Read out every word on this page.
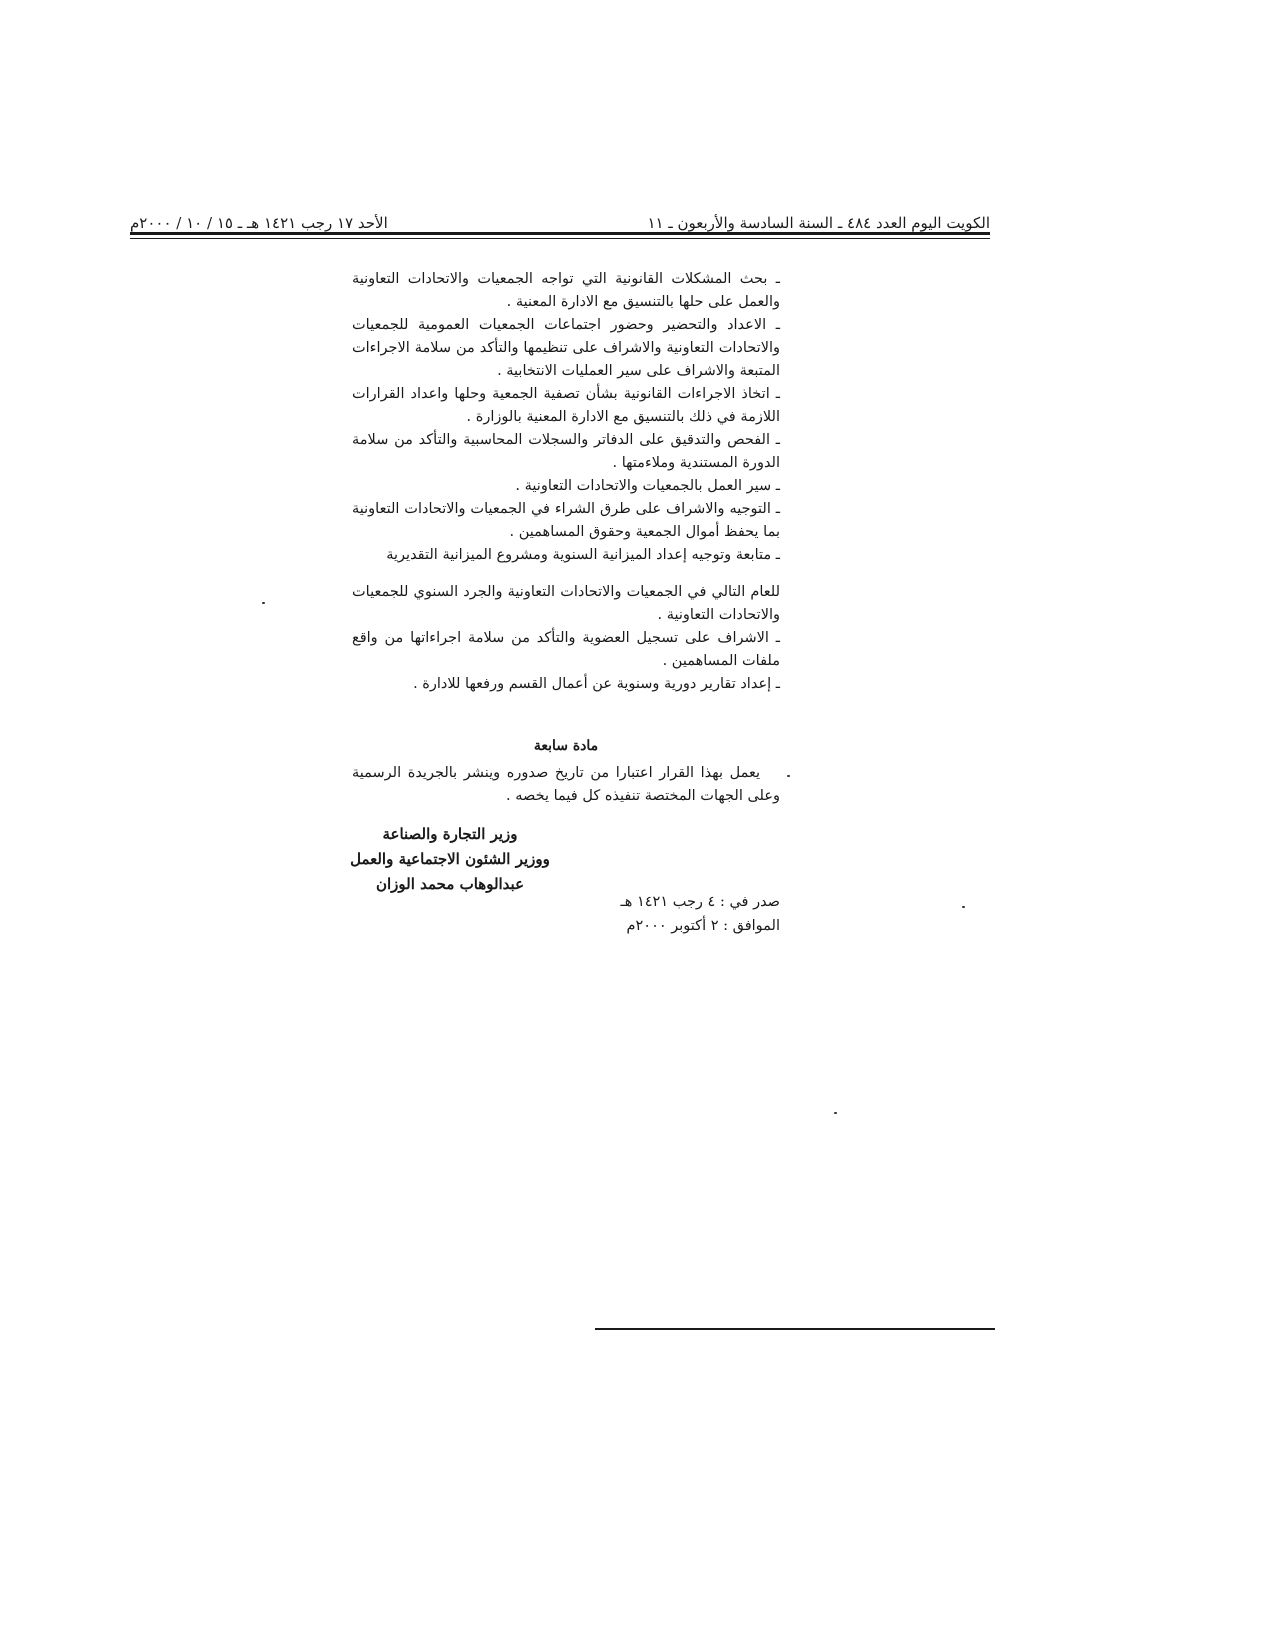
الكويت اليوم العدد ٤٨٤ ـ السنة السادسة والأربعون ـ ١١
الأحد ١٧ رجب ١٤٢١ هـ ـ ١٥ / ١٠ / ٢٠٠٠م

ـ بحث المشكلات القانونية التي تواجه الجمعيات والاتحادات التعاونية والعمل على حلها بالتنسيق مع الادارة المعنية .

ـ الاعداد والتحضير وحضور اجتماعات الجمعيات العمومية للجمعيات والاتحادات التعاونية والاشراف على تنظيمها والتأكد من سلامة الاجراءات المتبعة والاشراف على سير العمليات الانتخابية .

ـ اتخاذ الاجراءات القانونية بشأن تصفية الجمعية وحلها واعداد القرارات اللازمة في ذلك بالتنسيق مع الادارة المعنية بالوزارة .

ـ الفحص والتدقيق على الدفاتر والسجلات المحاسبية والتأكد من سلامة الدورة المستندية وملاءمتها .

ـ سير العمل بالجمعيات والاتحادات التعاونية .

ـ التوجيه والاشراف على طرق الشراء في الجمعيات والاتحادات التعاونية بما يحفظ أموال الجمعية وحقوق المساهمين .

ـ متابعة وتوجيه إعداد الميزانية السنوية ومشروع الميزانية التقديرية

للعام التالي في الجمعيات والاتحادات التعاونية والجرد السنوي للجمعيات والاتحادات التعاونية .

ـ الاشراف على تسجيل العضوية والتأكد من سلامة اجراءاتها من واقع ملفات المساهمين .

ـ إعداد تقارير دورية وسنوية عن أعمال القسم ورفعها للادارة .

مادة سابعة

يعمل بهذا القرار اعتبارا من تاريخ صدوره وينشر بالجريدة الرسمية وعلى الجهات المختصة تنفيذه كل فيما يخصه .

وزير التجارة والصناعة
ووزير الشئون الاجتماعية والعمل
عبدالوهاب محمد الوزان
صدر في : ٤ رجب ١٤٢١ هـ
الموافق : ٢ أكتوبر ٢٠٠٠م
